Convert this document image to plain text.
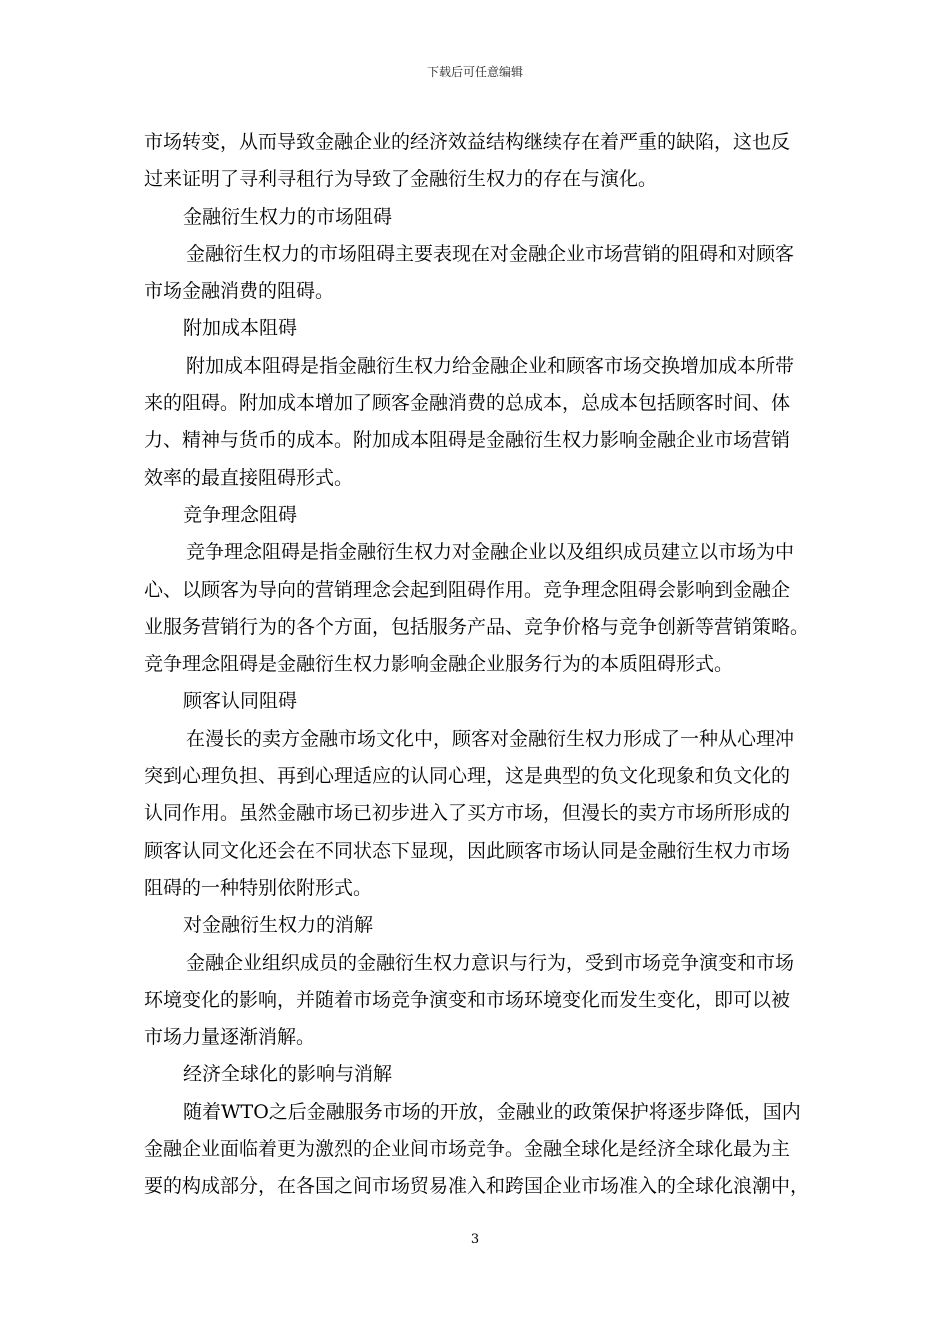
下载后可任意编辑
市场转变，从而导致金融企业的经济效益结构继续存在着严重的缺陷，这也反
过来证明了寻利寻租行为导致了金融衍生权力的存在与演化。
金融衍生权力的市场阻碍
金融衍生权力的市场阻碍主要表现在对金融企业市场营销的阻碍和对顾客
市场金融消费的阻碍。
附加成本阻碍
附加成本阻碍是指金融衍生权力给金融企业和顾客市场交换增加成本所带
来的阻碍。附加成本增加了顾客金融消费的总成本，总成本包括顾客时间、体
力、精神与货币的成本。附加成本阻碍是金融衍生权力影响金融企业市场营销
效率的最直接阻碍形式。
竞争理念阻碍
竞争理念阻碍是指金融衍生权力对金融企业以及组织成员建立以市场为中
心、以顾客为导向的营销理念会起到阻碍作用。竞争理念阻碍会影响到金融企
业服务营销行为的各个方面，包括服务产品、竞争价格与竞争创新等营销策略。
竞争理念阻碍是金融衍生权力影响金融企业服务行为的本质阻碍形式。
顾客认同阻碍
在漫长的卖方金融市场文化中，顾客对金融衍生权力形成了一种从心理冲
突到心理负担、再到心理适应的认同心理，这是典型的负文化现象和负文化的
认同作用。虽然金融市场已初步进入了买方市场，但漫长的卖方市场所形成的
顾客认同文化还会在不同状态下显现，因此顾客市场认同是金融衍生权力市场
阻碍的一种特别依附形式。
对金融衍生权力的消解
金融企业组织成员的金融衍生权力意识与行为，受到市场竞争演变和市场
环境变化的影响，并随着市场竞争演变和市场环境变化而发生变化，即可以被
市场力量逐渐消解。
经济全球化的影响与消解
随着WTO之后金融服务市场的开放，金融业的政策保护将逐步降低，国内
金融企业面临着更为激烈的企业间市场竞争。金融全球化是经济全球化最为主
要的构成部分，在各国之间市场贸易准入和跨国企业市场准入的全球化浪潮中，
3
